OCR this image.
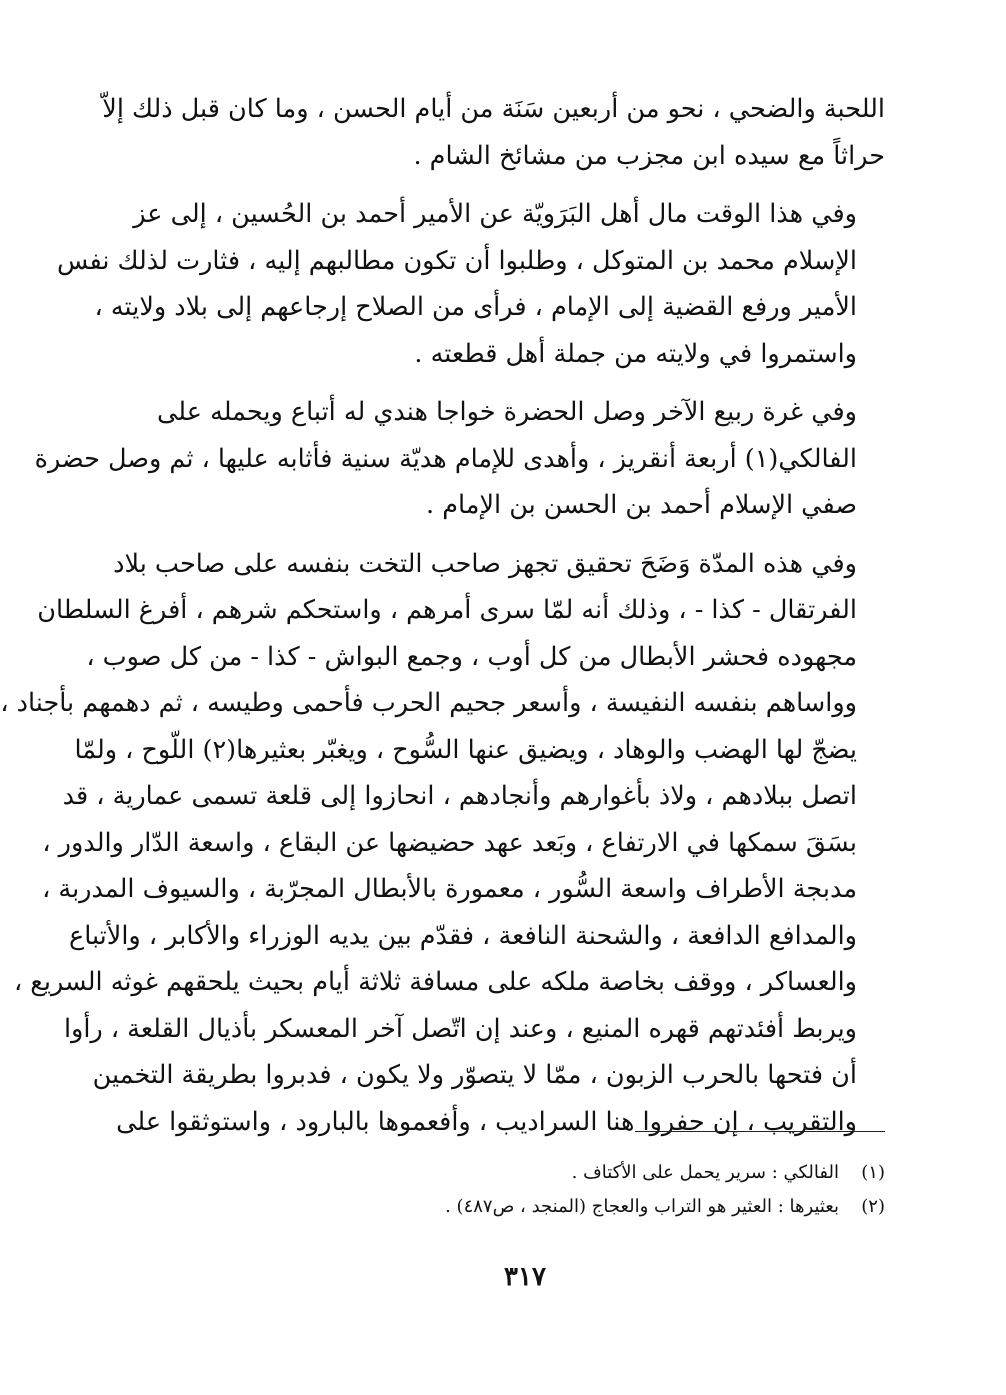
اللحبة والضحي ، نحو من أربعين سَنَة من أيام الحسن ، وما كان قبل ذلك إلاّ
حراثاً مع سيده ابن مجزب من مشائخ الشام .

وفي هذا الوقت مال أهل البَرَويّة عن الأمير أحمد بن الحُسين ، إلى عز
الإسلام محمد بن المتوكل ، وطلبوا أن تكون مطالبهم إليه ، فثارت لذلك نفس
الأمير ورفع القضية إلى الإمام ، فرأى من الصلاح إرجاعهم إلى بلاد ولايته ،
واستمروا في ولايته من جملة أهل قطعته .

وفي غرة ربيع الآخر وصل الحضرة خواجا هندي له أتباع ويحمله على
الفالكي(١) أربعة أنقريز ، وأهدى للإمام هديّة سنية فأثابه عليها ، ثم وصل حضرة
صفي الإسلام أحمد بن الحسن بن الإمام .

وفي هذه المدّة وَضَحَ تحقيق تجهز صاحب التخت بنفسه على صاحب بلاد
الفرتقال - كذا - ، وذلك أنه لمّا سرى أمرهم ، واستحكم شرهم ، أفرغ السلطان
مجهوده فحشر الأبطال من كل أوب ، وجمع البواش - كذا - من كل صوب ،
وواساهم بنفسه النفيسة ، وأسعر جحيم الحرب فأحمى وطيسه ، ثم دهمهم بأجناد ،
يضجّ لها الهضب والوهاد ، ويضيق عنها السُّوح ، ويغبّر بعثيرها(٢) اللّوح ، ولمّا
اتصل ببلادهم ، ولاذ بأغوارهم وأنجادهم ، انحازوا إلى قلعة تسمى عمارية ، قد
بسَقَ سمكها في الارتفاع ، وبَعد عهد حضيضها عن البقاع ، واسعة الدّار والدور ،
مدبجة الأطراف واسعة السُّور ، معمورة بالأبطال المجرّبة ، والسيوف المدربة ،
والمدافع الدافعة ، والشحنة النافعة ، فقدّم بين يديه الوزراء والأكابر ، والأتباع
والعساكر ، ووقف بخاصة ملكه على مسافة ثلاثة أيام بحيث يلحقهم غوثه السريع ،
ويربط أفئدتهم قهره المنيع ، وعند إن اتّصل آخر المعسكر بأذيال القلعة ، رأوا
أن فتحها بالحرب الزبون ، ممّا لا يتصوّر ولا يكون ، فدبروا بطريقة التخمين
والتقريب ، إن حفروا هنا السراديب ، وأفعموها بالبارود ، واستوثقوا على

(١)
الفالكي : سرير يحمل على الأكتاف .
(٢)
بعثيرها : العثير هو التراب والعجاج (المنجد ، ص٤٨٧) .
٣١٧
